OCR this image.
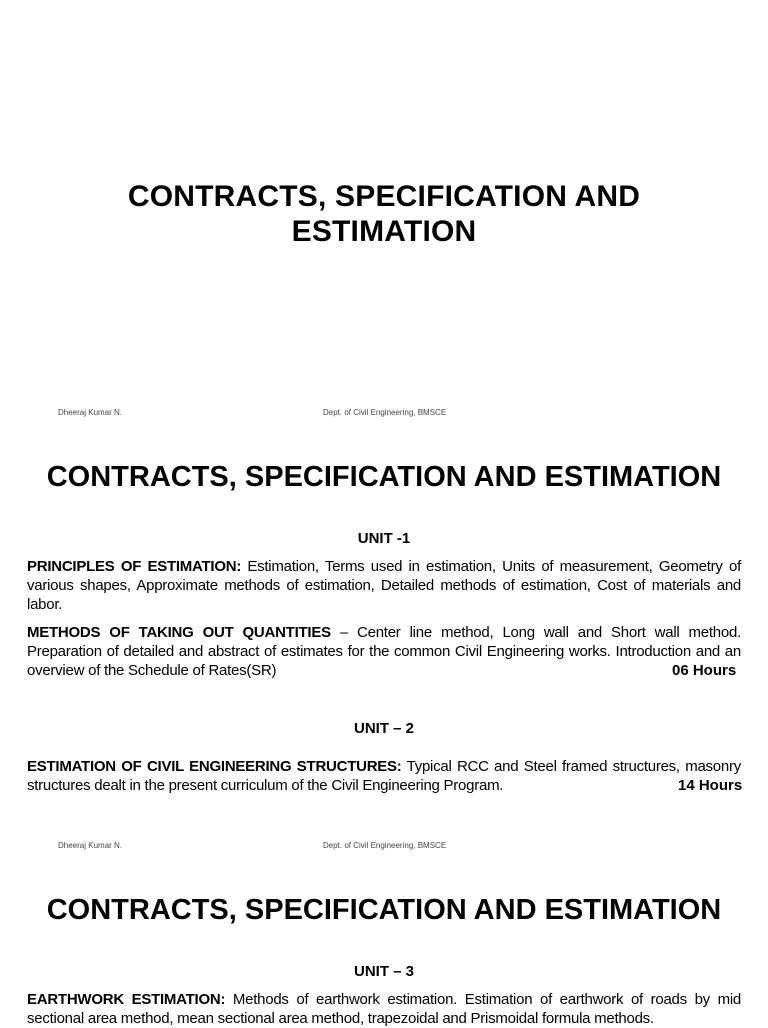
CONTRACTS, SPECIFICATION AND ESTIMATION
Dheeraj Kumar N.	Dept. of Civil Engineering, BMSCE
CONTRACTS, SPECIFICATION AND ESTIMATION
UNIT -1
PRINCIPLES OF ESTIMATION: Estimation, Terms used in estimation, Units of measurement, Geometry of various shapes, Approximate methods of estimation, Detailed methods of estimation, Cost of materials and labor.
METHODS OF TAKING OUT QUANTITIES – Center line method, Long wall and Short wall method. Preparation of detailed and abstract of estimates for the common Civil Engineering works. Introduction and an overview of the Schedule of Rates(SR)	06 Hours
UNIT – 2
ESTIMATION OF CIVIL ENGINEERING STRUCTURES: Typical RCC and Steel framed structures, masonry structures dealt in the present curriculum of the Civil Engineering Program.	14 Hours
Dheeraj Kumar N.	Dept. of Civil Engineering, BMSCE
CONTRACTS, SPECIFICATION AND ESTIMATION
UNIT – 3
EARTHWORK ESTIMATION: Methods of earthwork estimation. Estimation of earthwork of roads by mid sectional area method, mean sectional area method, trapezoidal and Prismoidal formula methods.
